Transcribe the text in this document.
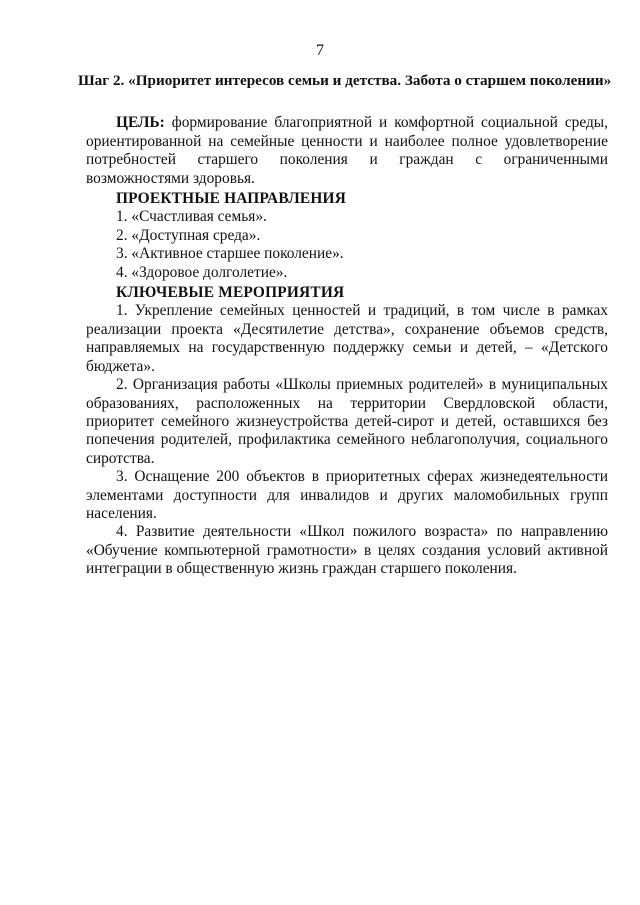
7
Шаг 2. «Приоритет интересов семьи и детства. Забота о старшем поколении»

ЦЕЛЬ: формирование благоприятной и комфортной социальной среды, ориентированной на семейные ценности и наиболее полное удовлетворение потребностей старшего поколения и граждан с ограниченными возможностями здоровья.

ПРОЕКТНЫЕ НАПРАВЛЕНИЯ
1. «Счастливая семья».
2. «Доступная среда».
3. «Активное старшее поколение».
4. «Здоровое долголетие».
КЛЮЧЕВЫЕ МЕРОПРИЯТИЯ

1. Укрепление семейных ценностей и традиций, в том числе в рамках реализации проекта «Десятилетие детства», сохранение объемов средств, направляемых на государственную поддержку семьи и детей, – «Детского бюджета».

2. Организация работы «Школы приемных родителей» в муниципальных образованиях, расположенных на территории Свердловской области, приоритет семейного жизнеустройства детей-сирот и детей, оставшихся без попечения родителей, профилактика семейного неблагополучия, социального сиротства.

3. Оснащение 200 объектов в приоритетных сферах жизнедеятельности элементами доступности для инвалидов и других маломобильных групп населения.

4. Развитие деятельности «Школ пожилого возраста» по направлению «Обучение компьютерной грамотности» в целях создания условий активной интеграции в общественную жизнь граждан старшего поколения.
